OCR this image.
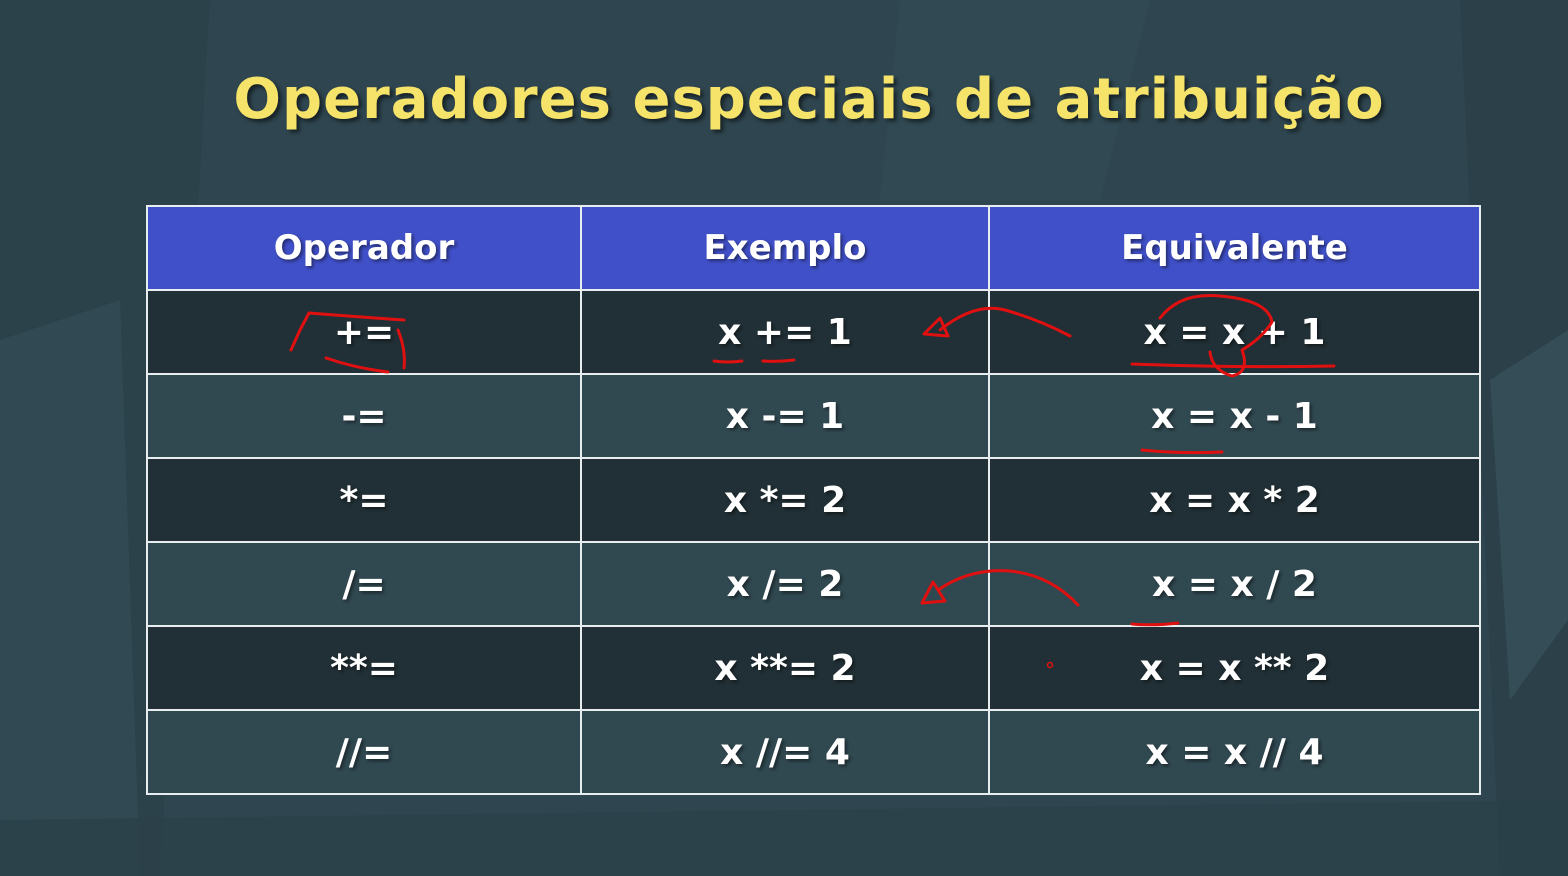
Operadores especiais de atribuição
Operador	Exemplo	Equivalente
+=	x += 1	x = x + 1
-=	x -= 1	x = x - 1
*=	x *= 2	x = x * 2
/=	x /= 2	x = x / 2
**=	x **= 2	x = x ** 2
//=	x //= 4	x = x // 4
